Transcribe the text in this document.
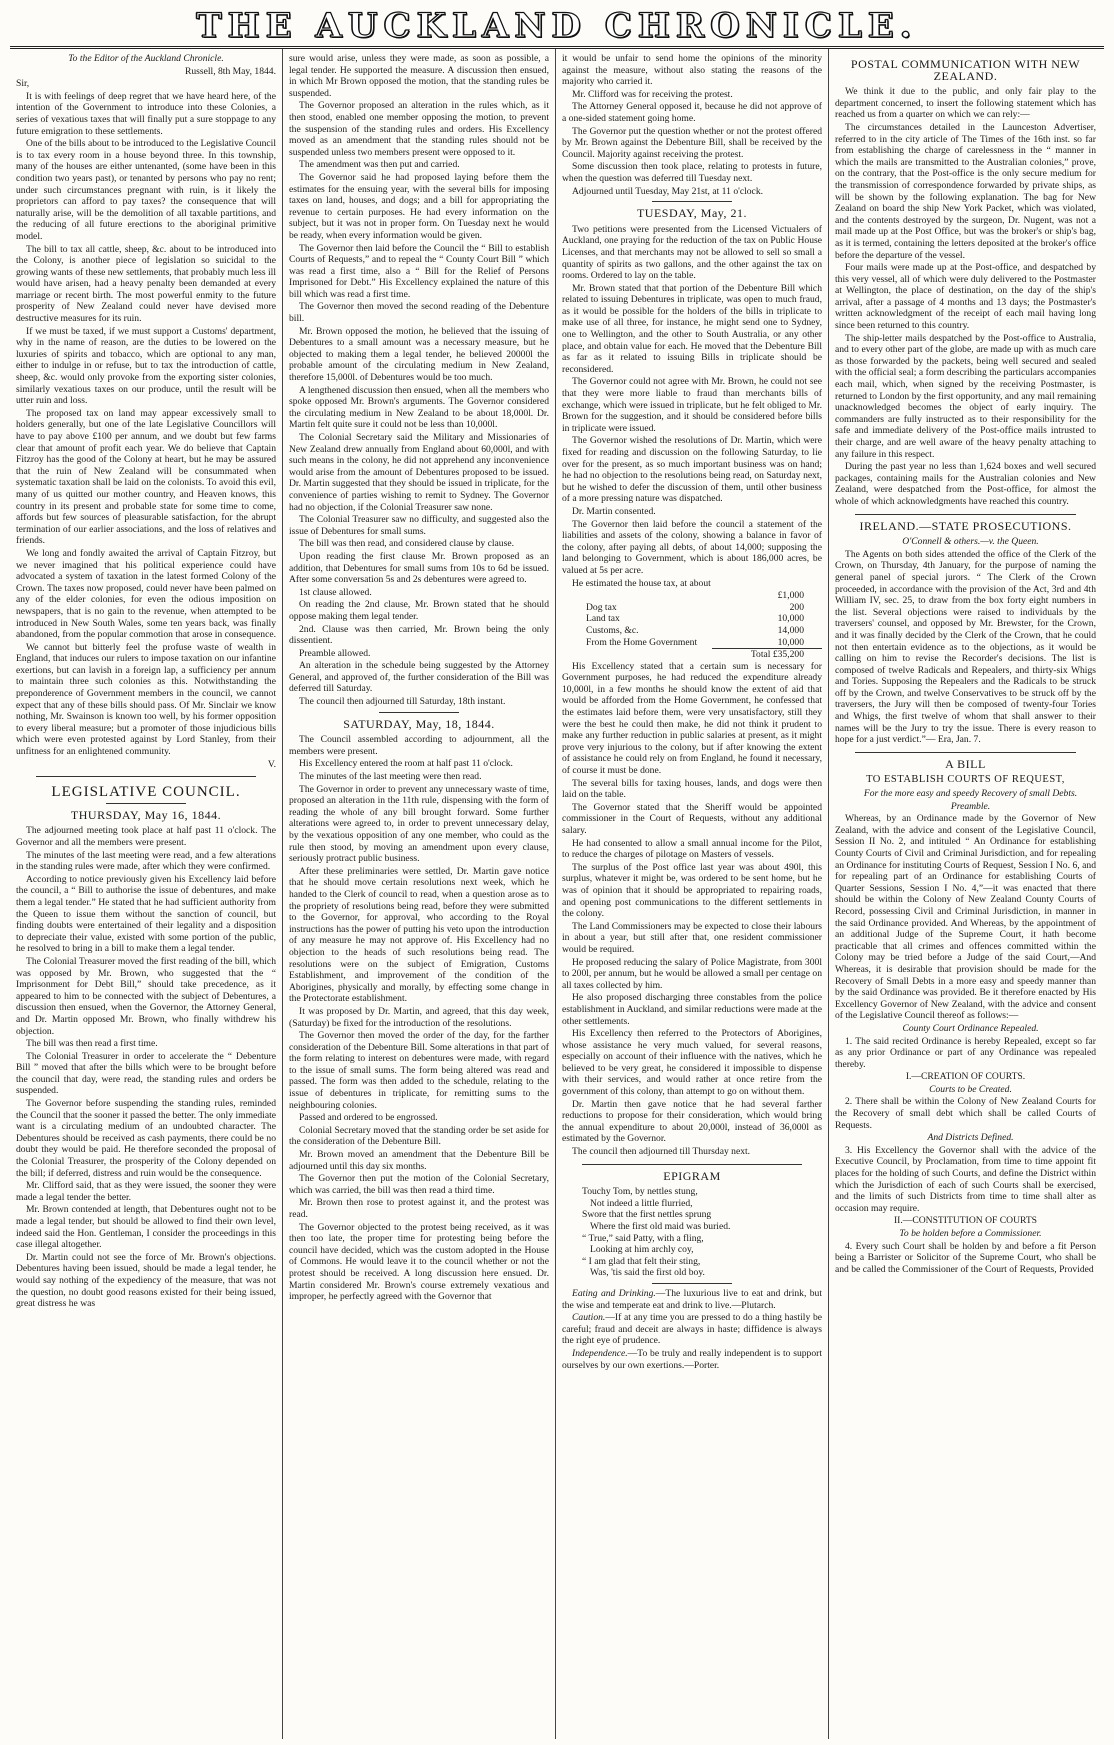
THE AUCKLAND CHRONICLE.

To the Editor of the Auckland Chronicle.

Russell, 8th May, 1844.

Sir,

It is with feelings of deep regret that we have heard here, of the intention of the Government to introduce into these Colonies, a series of vexatious taxes that will finally put a sure stoppage to any future emigration to these settlements.

One of the bills about to be introduced to the Legislative Council is to tax every room in a house beyond three. In this township, many of the houses are either untenanted, (some have been in this condition two years past), or tenanted by persons who pay no rent; under such circumstances pregnant with ruin, is it likely the proprietors can afford to pay taxes? the consequence that will naturally arise, will be the demolition of all taxable partitions, and the reducing of all future erections to the aboriginal primitive model.

The bill to tax all cattle, sheep, &c. about to be introduced into the Colony, is another piece of legislation so suicidal to the growing wants of these new settlements, that probably much less ill would have arisen, had a heavy penalty been demanded at every marriage or recent birth. The most powerful enmity to the future prosperity of New Zealand could never have devised more destructive measures for its ruin.

If we must be taxed, if we must support a Customs' department, why in the name of reason, are the duties to be lowered on the luxuries of spirits and tobacco, which are optional to any man, either to indulge in or refuse, but to tax the introduction of cattle, sheep, &c. would only provoke from the exporting sister colonies, similarly vexatious taxes on our produce, until the result will be utter ruin and loss.

The proposed tax on land may appear excessively small to holders generally, but one of the late Legislative Councillors will have to pay above £100 per annum, and we doubt but few farms clear that amount of profit each year. We do believe that Captain Fitzroy has the good of the Colony at heart, but he may be assured that the ruin of New Zealand will be consummated when systematic taxation shall be laid on the colonists. To avoid this evil, many of us quitted our mother country, and Heaven knows, this country in its present and probable state for some time to come, affords but few sources of pleasurable satisfaction, for the abrupt termination of our earlier associations, and the loss of relatives and friends.

We long and fondly awaited the arrival of Captain Fitzroy, but we never imagined that his political experience could have advocated a system of taxation in the latest formed Colony of the Crown. The taxes now proposed, could never have been palmed on any of the elder colonies, for even the odious imposition on newspapers, that is no gain to the revenue, when attempted to be introduced in New South Wales, some ten years back, was finally abandoned, from the popular commotion that arose in consequence.

We cannot but bitterly feel the profuse waste of wealth in England, that induces our rulers to impose taxation on our infantine exertions, but can lavish in a foreign lap, a sufficiency per annum to maintain three such colonies as this. Notwithstanding the preponderence of Government members in the council, we cannot expect that any of these bills should pass. Of Mr. Sinclair we know nothing, Mr. Swainson is known too well, by his former opposition to every liberal measure; but a promoter of those injudicious bills which were even protested against by Lord Stanley, from their unfitness for an enlightened community.

V.

LEGISLATIVE COUNCIL.
THURSDAY, May 16, 1844.

The adjourned meeting took place at half past 11 o'clock. The Governor and all the members were present.

The minutes of the last meeting were read, and a few alterations in the standing rules were made, after which they were confirmed.

According to notice previously given his Excellency laid before the council, a “ Bill to authorise the issue of debentures, and make them a legal tender.” He stated that he had sufficient authority from the Queen to issue them without the sanction of council, but finding doubts were entertained of their legality and a disposition to depreciate their value, existed with some portion of the public, he resolved to bring in a bill to make them a legal tender.

The Colonial Treasurer moved the first reading of the bill, which was opposed by Mr. Brown, who suggested that the “ Imprisonment for Debt Bill,” should take precedence, as it appeared to him to be connected with the subject of Debentures, a discussion then ensued, when the Governor, the Attorney General, and Dr. Martin opposed Mr. Brown, who finally withdrew his objection.

The bill was then read a first time.

The Colonial Treasurer in order to accelerate the “ Debenture Bill ” moved that after the bills which were to be brought before the council that day, were read, the standing rules and orders be suspended.

The Governor before suspending the standing rules, reminded the Council that the sooner it passed the better. The only immediate want is a circulating medium of an undoubted character. The Debentures should be received as cash payments, there could be no doubt they would be paid. He therefore seconded the proposal of the Colonial Treasurer, the prosperity of the Colony depended on the bill; if deferred, distress and ruin would be the consequence.

Mr. Clifford said, that as they were issued, the sooner they were made a legal tender the better.

Mr. Brown contended at length, that Debentures ought not to be made a legal tender, but should be allowed to find their own level, indeed said the Hon. Gentleman, I consider the proceedings in this case illegal altogether.

Dr. Martin could not see the force of Mr. Brown's objections. Debentures having been issued, should be made a legal tender, he would say nothing of the expediency of the measure, that was not the question, no doubt good reasons existed for their being issued, great distress he was

sure would arise, unless they were made, as soon as possible, a legal tender. He supported the measure. A discussion then ensued, in which Mr Brown opposed the motion, that the standing rules be suspended.

The Governor proposed an alteration in the rules which, as it then stood, enabled one member opposing the motion, to prevent the suspension of the standing rules and orders. His Excellency moved as an amendment that the standing rules should not be suspended unless two members present were opposed to it.

The amendment was then put and carried.

The Governor said he had proposed laying before them the estimates for the ensuing year, with the several bills for imposing taxes on land, houses, and dogs; and a bill for appropriating the revenue to certain purposes. He had every information on the subject, but it was not in proper form. On Tuesday next he would be ready, when every information would be given.

The Governor then laid before the Council the “ Bill to establish Courts of Requests,” and to repeal the “ County Court Bill ” which was read a first time, also a “ Bill for the Relief of Persons Imprisoned for Debt.” His Excellency explained the nature of this bill which was read a first time.

The Governor then moved the second reading of the Debenture bill.

Mr. Brown opposed the motion, he believed that the issuing of Debentures to a small amount was a necessary measure, but he objected to making them a legal tender, he believed 20000l the probable amount of the circulating medium in New Zealand, therefore 15,000l. of Debentures would be too much.

A lengthened discussion then ensued, when all the members who spoke opposed Mr. Brown's arguments. The Governor considered the circulating medium in New Zealand to be about 18,000l. Dr. Martin felt quite sure it could not be less than 10,000l.

The Colonial Secretary said the Military and Missionaries of New Zealand drew annually from England about 60,000l, and with such means in the colony, he did not apprehend any inconvenience would arise from the amount of Debentures proposed to be issued. Dr. Martin suggested that they should be issued in triplicate, for the convenience of parties wishing to remit to Sydney. The Governor had no objection, if the Colonial Treasurer saw none.

The Colonial Treasurer saw no difficulty, and suggested also the issue of Debentures for small sums.

The bill was then read, and considered clause by clause.

Upon reading the first clause Mr. Brown proposed as an addition, that Debentures for small sums from 10s to 6d be issued. After some conversation 5s and 2s debentures were agreed to.

1st clause allowed.

On reading the 2nd clause, Mr. Brown stated that he should oppose making them legal tender.

2nd. Clause was then carried, Mr. Brown being the only dissentient.

Preamble allowed.

An alteration in the schedule being suggested by the Attorney General, and approved of, the further consideration of the Bill was deferred till Saturday.

The council then adjourned till Saturday, 18th instant.

SATURDAY, May, 18, 1844.

The Council assembled according to adjournment, all the members were present.

His Excellency entered the room at half past 11 o'clock.

The minutes of the last meeting were then read.

The Governor in order to prevent any unnecessary waste of time, proposed an alteration in the 11th rule, dispensing with the form of reading the whole of any bill brought forward. Some further alterations were agreed to, in order to prevent unnecessary delay, by the vexatious opposition of any one member, who could as the rule then stood, by moving an amendment upon every clause, seriously protract public business.

After these preliminaries were settled, Dr. Martin gave notice that he should move certain resolutions next week, which he handed to the Clerk of council to read, when a question arose as to the propriety of resolutions being read, before they were submitted to the Governor, for approval, who according to the Royal instructions has the power of putting his veto upon the introduction of any measure he may not approve of. His Excellency had no objection to the heads of such resolutions being read. The resolutions were on the subject of Emigration, Customs Establishment, and improvement of the condition of the Aborigines, physically and morally, by effecting some change in the Protectorate establishment.

It was proposed by Dr. Martin, and agreed, that this day week, (Saturday) be fixed for the introduction of the resolutions.

The Governor then moved the order of the day, for the farther consideration of the Debenture Bill. Some alterations in that part of the form relating to interest on debentures were made, with regard to the issue of small sums. The form being altered was read and passed. The form was then added to the schedule, relating to the issue of debentures in triplicate, for remitting sums to the neighbouring colonies.

Passed and ordered to be engrossed.

Colonial Secretary moved that the standing order be set aside for the consideration of the Debenture Bill.

Mr. Brown moved an amendment that the Debenture Bill be adjourned until this day six months.

The Governor then put the motion of the Colonial Secretary, which was carried, the bill was then read a third time.

Mr. Brown then rose to protest against it, and the protest was read.

The Governor objected to the protest being received, as it was then too late, the proper time for protesting being before the council have decided, which was the custom adopted in the House of Commons. He would leave it to the council whether or not the protest should be received. A long discussion here ensued. Dr. Martin considered Mr. Brown's course extremely vexatious and improper, he perfectly agreed with the Governor that

it would be unfair to send home the opinions of the minority against the measure, without also stating the reasons of the majority who carried it.

Mr. Clifford was for receiving the protest.

The Attorney General opposed it, because he did not approve of a one-sided statement going home.

The Governor put the question whether or not the protest offered by Mr. Brown against the Debenture Bill, shall be received by the Council. Majority against receiving the protest.

Some discussion then took place, relating to protests in future, when the question was deferred till Tuesday next.

Adjourned until Tuesday, May 21st, at 11 o'clock.

TUESDAY, May, 21.

Two petitions were presented from the Licensed Victualers of Auckland, one praying for the reduction of the tax on Public House Licenses, and that merchants may not be allowed to sell so small a quantity of spirits as two gallons, and the other against the tax on rooms. Ordered to lay on the table.

Mr. Brown stated that that portion of the Debenture Bill which related to issuing Debentures in triplicate, was open to much fraud, as it would be possible for the holders of the bills in triplicate to make use of all three, for instance, he might send one to Sydney, one to Wellington, and the other to South Australia, or any other place, and obtain value for each. He moved that the Debenture Bill as far as it related to issuing Bills in triplicate should be reconsidered.

The Governor could not agree with Mr. Brown, he could not see that they were more liable to fraud than merchants bills of exchange, which were issued in triplicate, but he felt obliged to Mr. Brown for the suggestion, and it should be considered before bills in triplicate were issued.

The Governor wished the resolutions of Dr. Martin, which were fixed for reading and discussion on the following Saturday, to lie over for the present, as so much important business was on hand; he had no objection to the resolutions being read, on Saturday next, but he wished to defer the discussion of them, until other business of a more pressing nature was dispatched.

Dr. Martin consented.

The Governor then laid before the council a statement of the liabilities and assets of the colony, showing a balance in favor of the colony, after paying all debts, of about 14,000; supposing the land belonging to Government, which is about 186,000 acres, be valued at 5s per acre.

He estimated the house tax, at about

£1,000
Dog tax	200
Land tax	10,000
Customs, &c.	14,000
From the Home Government	10,000
Total £35,200

His Excellency stated that a certain sum is necessary for Government purposes, he had reduced the expenditure already 10,000l, in a few months he should know the extent of aid that would be afforded from the Home Government, he confessed that the estimates laid before them, were very unsatisfactory, still they were the best he could then make, he did not think it prudent to make any further reduction in public salaries at present, as it might prove very injurious to the colony, but if after knowing the extent of assistance he could rely on from England, he found it necessary, of course it must be done.

The several bills for taxing houses, lands, and dogs were then laid on the table.

The Governor stated that the Sheriff would be appointed commissioner in the Court of Requests, without any additional salary.

He had consented to allow a small annual income for the Pilot, to reduce the charges of pilotage on Masters of vessels.

The surplus of the Post office last year was about 490l, this surplus, whatever it might be, was ordered to be sent home, but he was of opinion that it should be appropriated to repairing roads, and opening post communications to the different settlements in the colony.

The Land Commissioners may be expected to close their labours in about a year, but still after that, one resident commissioner would be required.

He proposed reducing the salary of Police Magistrate, from 300l to 200l, per annum, but he would be allowed a small per centage on all taxes collected by him.

He also proposed discharging three constables from the police establishment in Auckland, and similar reductions were made at the other settlements.

His Excellency then referred to the Protectors of Aborigines, whose assistance he very much valued, for several reasons, especially on account of their influence with the natives, which he believed to be very great, he considered it impossible to dispense with their services, and would rather at once retire from the government of this colony, than attempt to go on without them.

Dr. Martin then gave notice that he had several farther reductions to propose for their consideration, which would bring the annual expenditure to about 20,000l, instead of 36,000l as estimated by the Governor.

The council then adjourned till Thursday next.

EPIGRAM
Touchy Tom, by nettles stung,
Not indeed a little flurried,
Swore that the first nettles sprung
Where the first old maid was buried.
“ True,” said Patty, with a fling,
Looking at him archly coy,
“ I am glad that felt their sting,
Was, 'tis said the first old boy.

Eating and Drinking.—The luxurious live to eat and drink, but the wise and temperate eat and drink to live.—Plutarch.

Caution.—If at any time you are pressed to do a thing hastily be careful; fraud and deceit are always in haste; diffidence is always the right eye of prudence.

Independence.—To be truly and really independent is to support ourselves by our own exertions.—Porter.

POSTAL COMMUNICATION WITH NEW ZEALAND.

We think it due to the public, and only fair play to the department concerned, to insert the following statement which has reached us from a quarter on which we can rely:—

The circumstances detailed in the Launceston Advertiser, referred to in the city article of The Times of the 16th inst. so far from establishing the charge of carelessness in the “ manner in which the mails are transmitted to the Australian colonies,” prove, on the contrary, that the Post-office is the only secure medium for the transmission of correspondence forwarded by private ships, as will be shown by the following explanation. The bag for New Zealand on board the ship New York Packet, which was violated, and the contents destroyed by the surgeon, Dr. Nugent, was not a mail made up at the Post Office, but was the broker's or ship's bag, as it is termed, containing the letters deposited at the broker's office before the departure of the vessel.

Four mails were made up at the Post-office, and despatched by this very vessel, all of which were duly delivered to the Postmaster at Wellington, the place of destination, on the day of the ship's arrival, after a passage of 4 months and 13 days; the Postmaster's written acknowledgment of the receipt of each mail having long since been returned to this country.

The ship-letter mails despatched by the Post-office to Australia, and to every other part of the globe, are made up with as much care as those forwarded by the packets, being well secured and sealed with the official seal; a form describing the particulars accompanies each mail, which, when signed by the receiving Postmaster, is returned to London by the first opportunity, and any mail remaining unacknowledged becomes the object of early inquiry. The commanders are fully instructed as to their responsibility for the safe and immediate delivery of the Post-office mails intrusted to their charge, and are well aware of the heavy penalty attaching to any failure in this respect.

During the past year no less than 1,624 boxes and well secured packages, containing mails for the Australian colonies and New Zealand, were despatched from the Post-office, for almost the whole of which acknowledgments have reached this country.

IRELAND.—STATE PROSECUTIONS.

O'Connell & others.—v. the Queen.

The Agents on both sides attended the office of the Clerk of the Crown, on Thursday, 4th January, for the purpose of naming the general panel of special jurors. “ The Clerk of the Crown proceeded, in accordance with the provision of the Act, 3rd and 4th William IV, sec. 25, to draw from the box forty eight numbers in the list. Several objections were raised to individuals by the traversers' counsel, and opposed by Mr. Brewster, for the Crown, and it was finally decided by the Clerk of the Crown, that he could not then entertain evidence as to the objections, as it would be calling on him to revise the Recorder's decisions. The list is composed of twelve Radicals and Repealers, and thirty-six Whigs and Tories. Supposing the Repealers and the Radicals to be struck off by the Crown, and twelve Conservatives to be struck off by the traversers, the Jury will then be composed of twenty-four Tories and Whigs, the first twelve of whom that shall answer to their names will be the Jury to try the issue. There is every reason to hope for a just verdict.”— Era, Jan. 7.

A BILL
TO ESTABLISH COURTS OF REQUEST,

For the more easy and speedy Recovery of small Debts.

Preamble.

Whereas, by an Ordinance made by the Governor of New Zealand, with the advice and consent of the Legislative Council, Session II No. 2, and intituled “ An Ordinance for establishing County Courts of Civil and Criminal Jurisdiction, and for repealing an Ordinance for instituting Courts of Request, Session I No. 6, and for repealing part of an Ordinance for establishing Courts of Quarter Sessions, Session I No. 4,”—it was enacted that there should be within the Colony of New Zealand County Courts of Record, possessing Civil and Criminal Jurisdiction, in manner in the said Ordinance provided. And Whereas, by the appointment of an additional Judge of the Supreme Court, it hath become practicable that all crimes and offences committed within the Colony may be tried before a Judge of the said Court,—And Whereas, it is desirable that provision should be made for the Recovery of Small Debts in a more easy and speedy manner than by the said Ordinance was provided. Be it therefore enacted by His Excellency Governor of New Zealand, with the advice and consent of the Legislative Council thereof as follows:—

County Court Ordinance Repealed.

1. The said recited Ordinance is hereby Repealed, except so far as any prior Ordinance or part of any Ordinance was repealed thereby.

I.—CREATION OF COURTS.

Courts to be Created.

2. There shall be within the Colony of New Zealand Courts for the Recovery of small debt which shall be called Courts of Requests.

And Districts Defined.

3. His Excellency the Governor shall with the advice of the Executive Council, by Proclamation, from time to time appoint fit places for the holding of such Courts, and define the District within which the Jurisdiction of each of such Courts shall be exercised, and the limits of such Districts from time to time shall alter as occasion may require.

II.—CONSTITUTION OF COURTS

To be holden before a Commissioner.

4. Every such Court shall be holden by and before a fit Person being a Barrister or Solicitor of the Supreme Court, who shall be and be called the Commissioner of the Court of Requests, Provided
